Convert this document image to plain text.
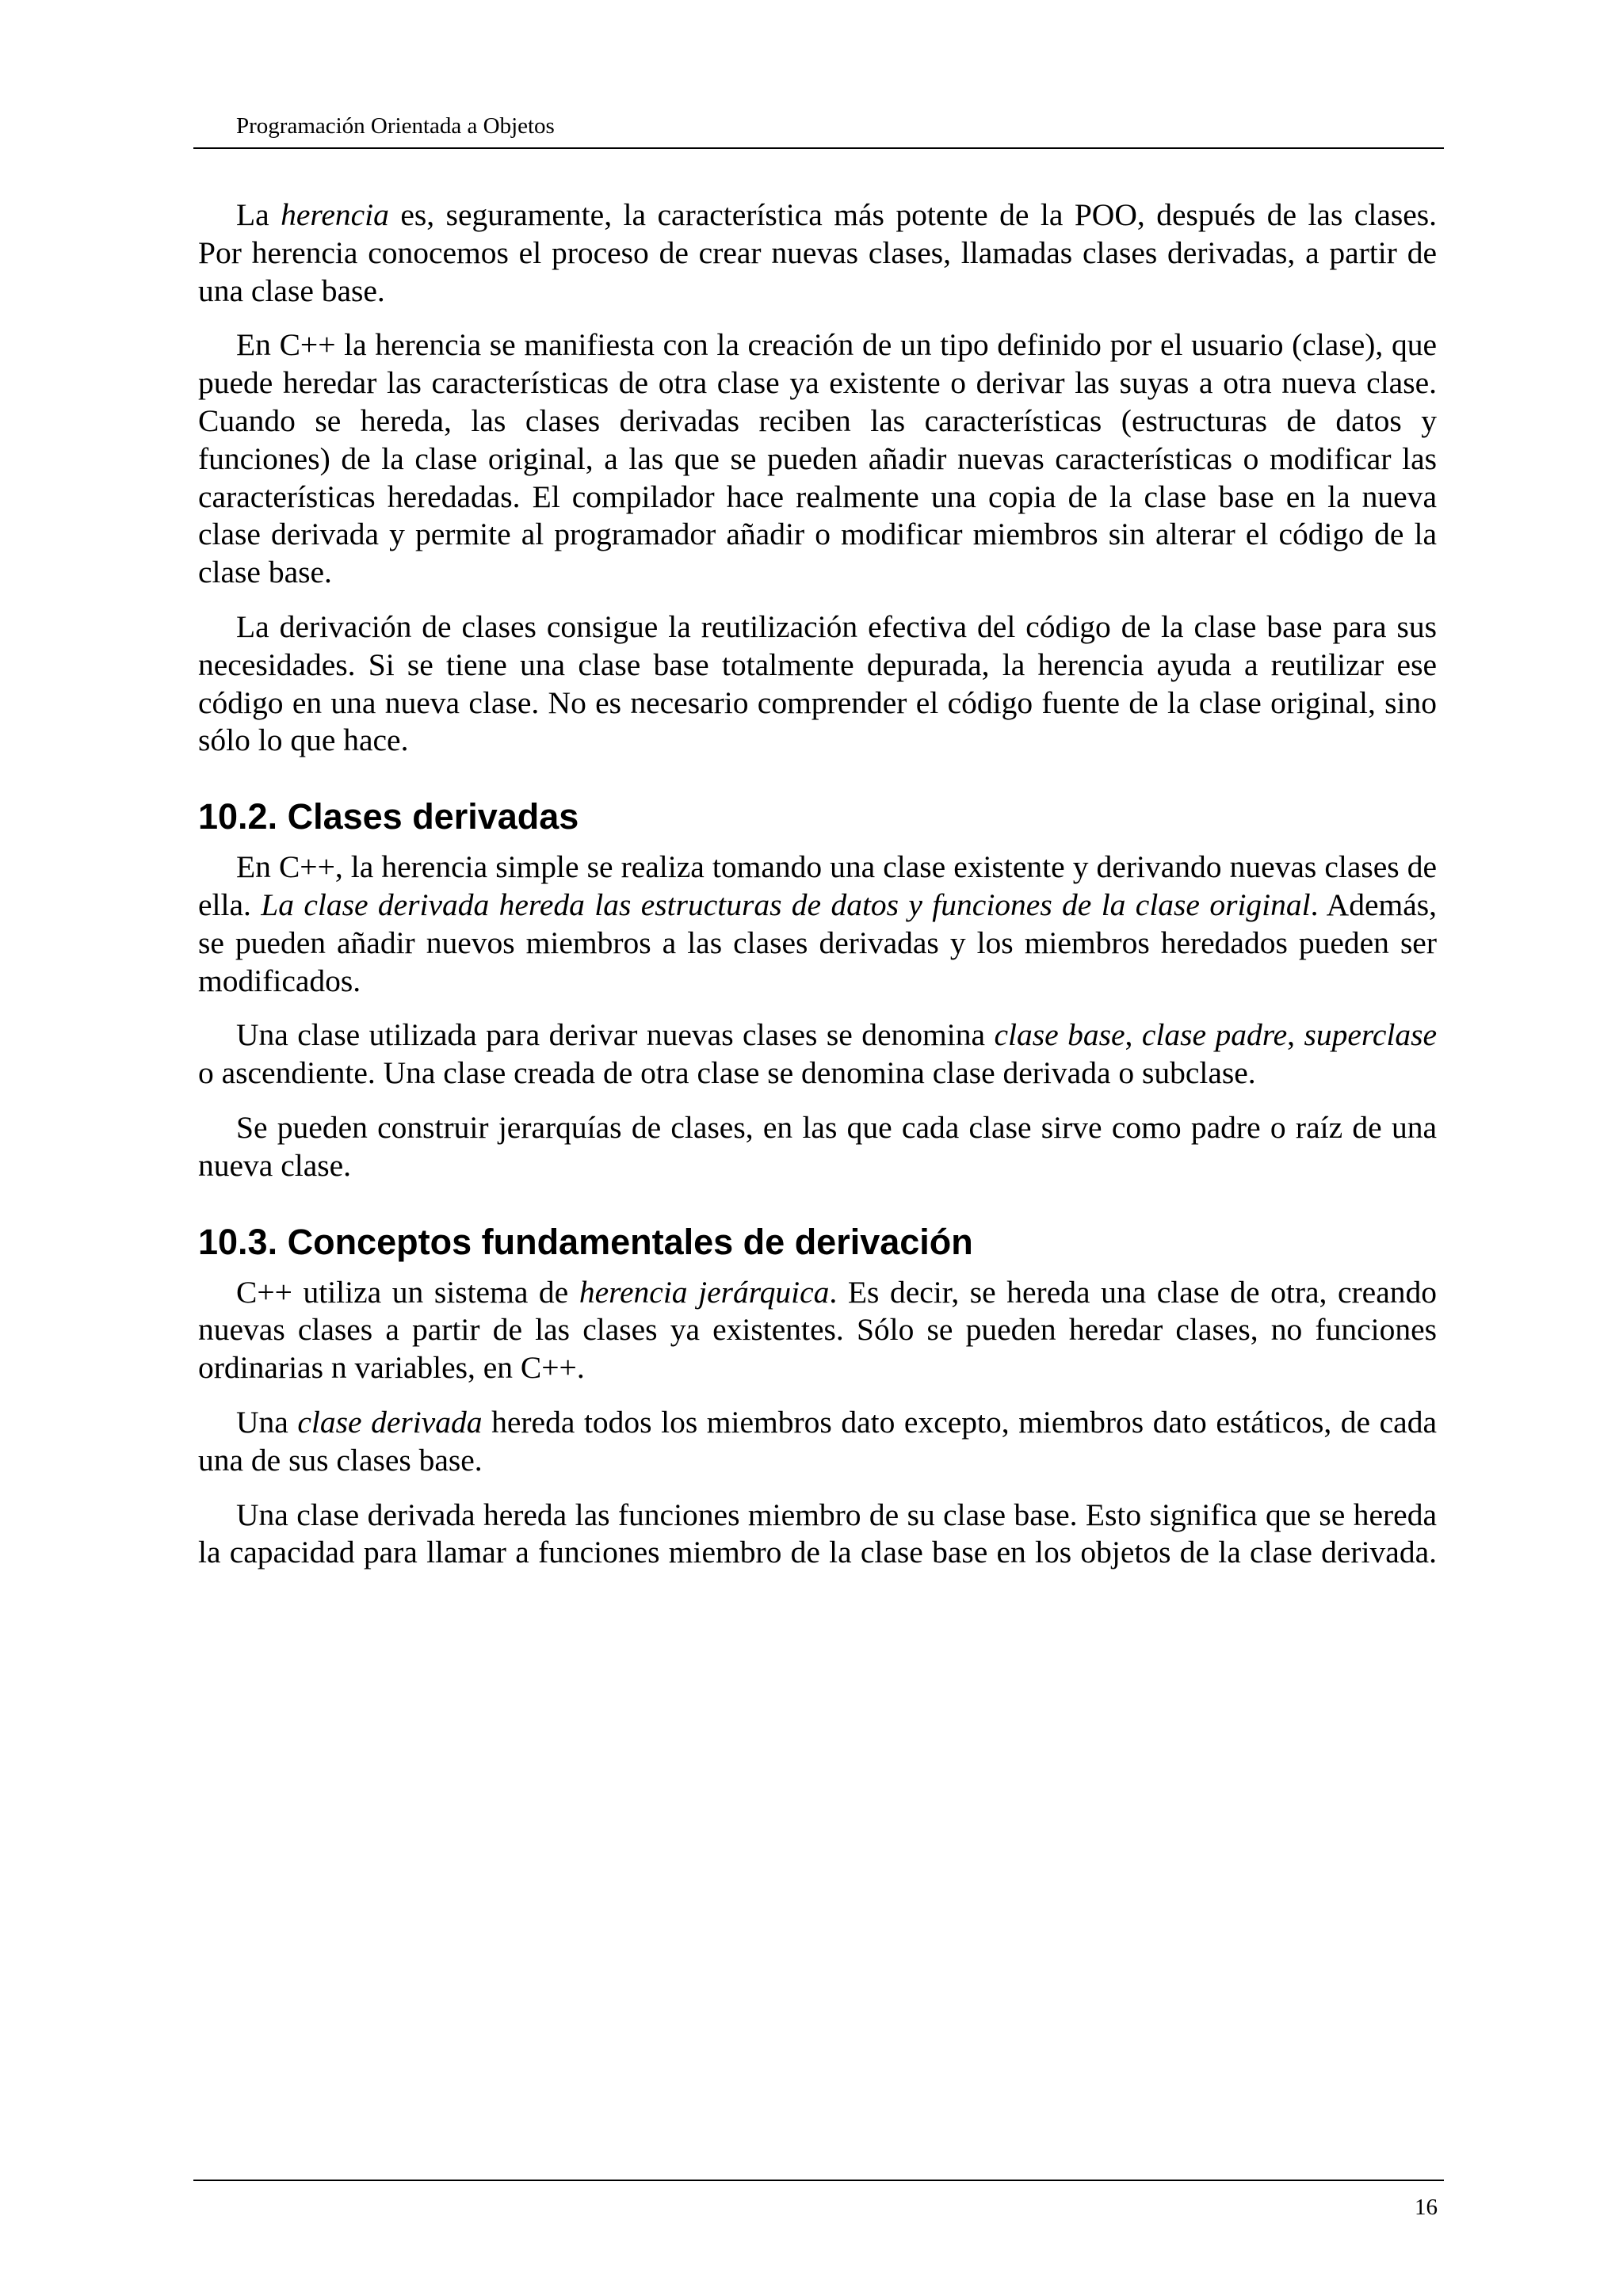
Programación Orientada a Objetos

La herencia es, seguramente, la característica más potente de la POO, después de las clases. Por herencia conocemos el proceso de crear nuevas clases, llamadas clases derivadas, a partir de una clase base.

En C++ la herencia se manifiesta con la creación de un tipo definido por el usuario (clase), que puede heredar las características de otra clase ya existente o derivar las suyas a otra nueva clase. Cuando se hereda, las clases derivadas reciben las características (estructuras de datos y funciones) de la clase original, a las que se pueden añadir nuevas características o modificar las características heredadas. El compilador hace realmente una copia de la clase base en la nueva clase derivada y permite al programador añadir o modificar miembros sin alterar el código de la clase base.

La derivación de clases consigue la reutilización efectiva del código de la clase base para sus necesidades. Si se tiene una clase base totalmente depurada, la herencia ayuda a reutilizar ese código en una nueva clase. No es necesario comprender el código fuente de la clase original, sino sólo lo que hace.

10.2. Clases derivadas

En C++, la herencia simple se realiza tomando una clase existente y derivando nuevas clases de ella. La clase derivada hereda las estructuras de datos y funciones de la clase original. Además, se pueden añadir nuevos miembros a las clases derivadas y los miembros heredados pueden ser modificados.

Una clase utilizada para derivar nuevas clases se denomina clase base, clase padre, superclase o ascendiente. Una clase creada de otra clase se denomina clase derivada o subclase.

Se pueden construir jerarquías de clases, en las que cada clase sirve como padre o raíz de una nueva clase.

10.3. Conceptos fundamentales de derivación

C++ utiliza un sistema de herencia jerárquica. Es decir, se hereda una clase de otra, creando nuevas clases a partir de las clases ya existentes. Sólo se pueden heredar clases, no funciones ordinarias n variables, en C++.

Una clase derivada hereda todos los miembros dato excepto, miembros dato estáticos, de cada una de sus clases base.

Una clase derivada hereda las funciones miembro de su clase base. Esto significa que se hereda la capacidad para llamar a funciones miembro de la clase base en los objetos de la clase derivada.

16
